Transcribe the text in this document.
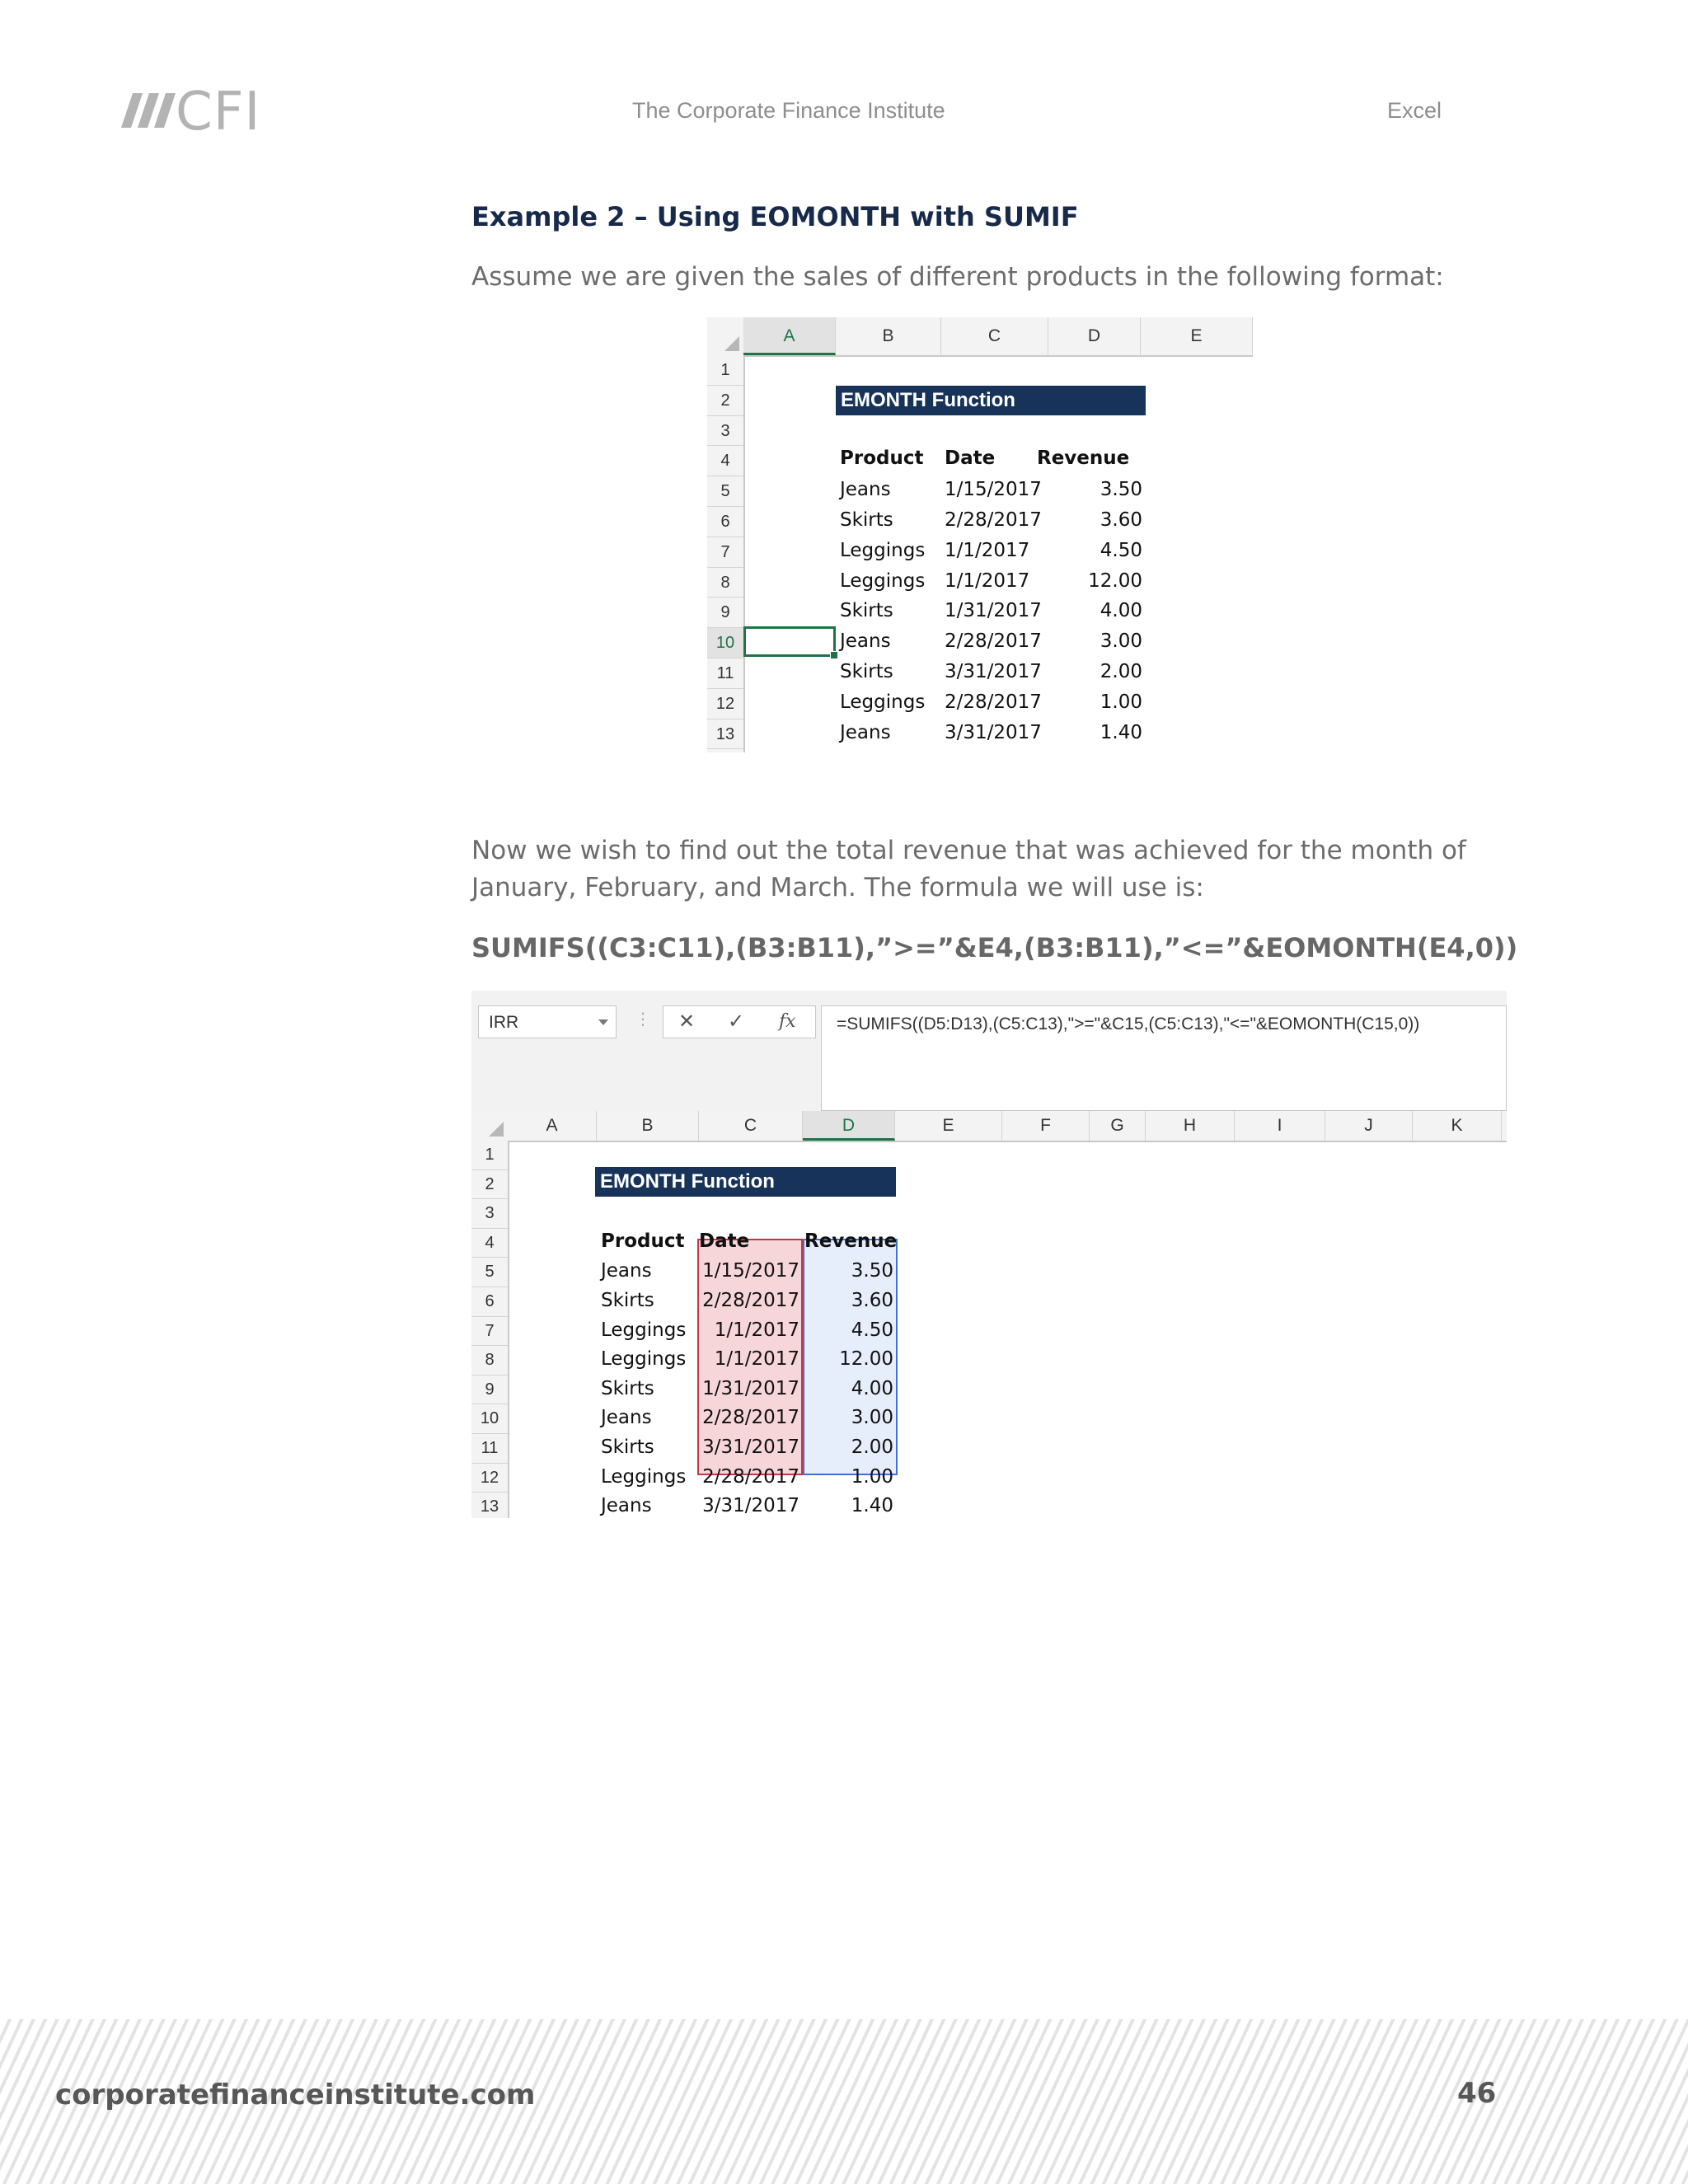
CFI	The Corporate Finance Institute	Excel
Example 2 – Using EOMONTH with SUMIF

Assume we are given the sales of different products in the following format:

A	B	C	D	E
1
2
3
4
5
6
7
8
9
10
11
12
13
EMONTH Function
Product Date Revenue
Jeans	1/15/2017	3.50
Skirts	2/28/2017	3.60
Leggings 1/1/2017	4.50
Leggings 1/1/2017	12.00
Skirts	1/31/2017	4.00
Jeans	2/28/2017	3.00
Skirts	3/31/2017	2.00
Leggings 2/28/2017	1.00
Jeans	3/31/2017	1.40

Now we wish to find out the total revenue that was achieved for the month of January, February, and March. The formula we will use is:

SUMIFS((C3:C11),(B3:B11),”>=”&E4,(B3:B11),”<=”&EOMONTH(E4,0))
IRR	⋮ ✕ ✓ fx	=SUMIFS((D5:D13),(C5:C13),">="&C15,(C5:C13),"<="&EOMONTH(C15,0))
A	B	C	D	E	F	G	H	I	J	K
1
2
3
4
5
6
7
8
9
10
11
12
13
EMONTH Function
Product Date	Revenue
Jeans	1/15/2017	3.50
Skirts	2/28/2017	3.60
Leggings	1/1/2017	4.50
Leggings	1/1/2017	12.00
Skirts	1/31/2017	4.00
Jeans	2/28/2017	3.00
Skirts	3/31/2017	2.00
Leggings 2/28/2017	1.00
Jeans	3/31/2017	1.40
corporatefinanceinstitute.com	46
